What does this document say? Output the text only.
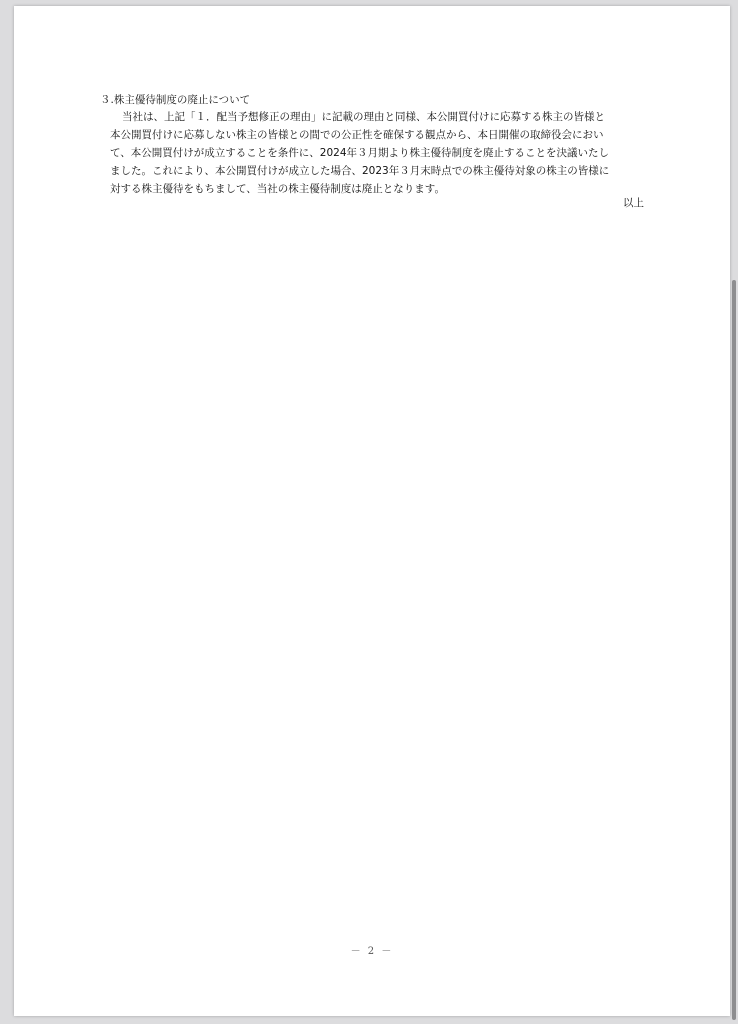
３.株主優待制度の廃止について
当社は、上記「１．配当予想修正の理由」に記載の理由と同様、本公開買付けに応募する株主の皆様と
本公開買付けに応募しない株主の皆様との間での公正性を確保する観点から、本日開催の取締役会におい
て、本公開買付けが成立することを条件に、2024年３月期より株主優待制度を廃止することを決議いたし
ました。これにより、本公開買付けが成立した場合、2023年３月末時点での株主優待対象の株主の皆様に
対する株主優待をもちまして、当社の株主優待制度は廃止となります。
以上
－ 2 －
